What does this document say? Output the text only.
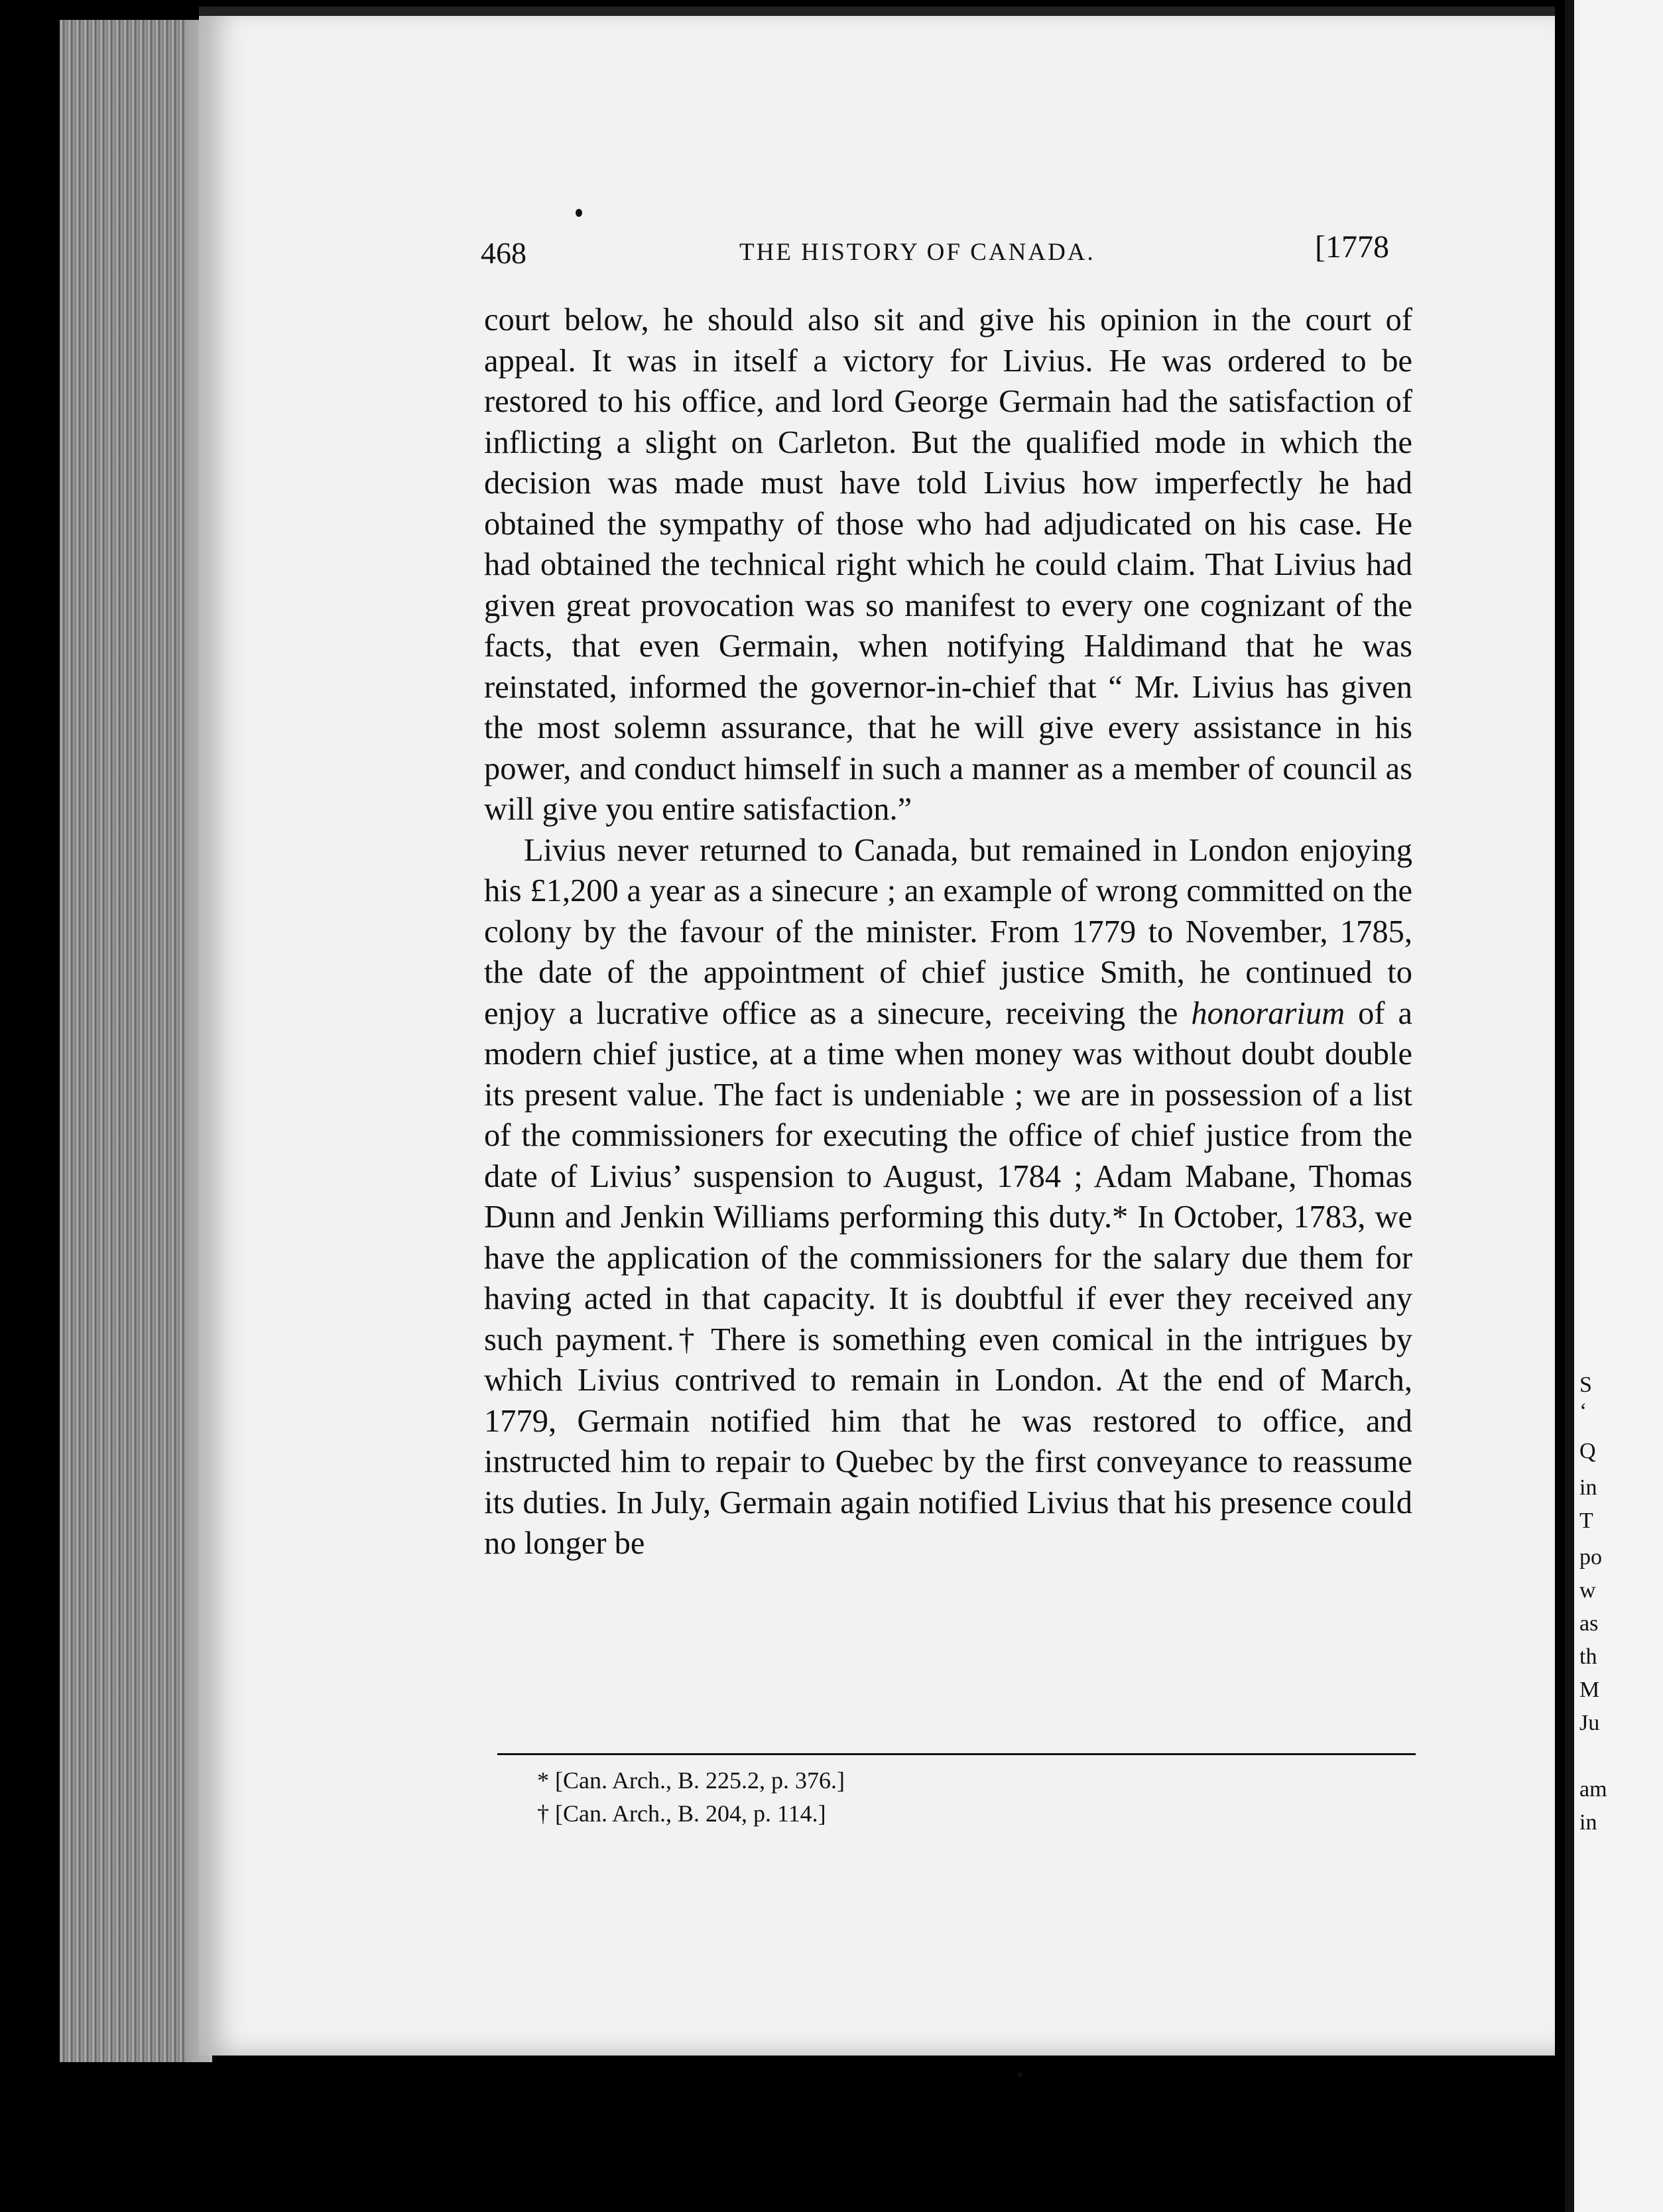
468	THE HISTORY OF CANADA.	[1778

court below, he should also sit and give his opinion in the court of appeal. It was in itself a victory for Livius. He was ordered to be restored to his office, and lord George Germain had the satisfaction of inflicting a slight on Carleton. But the qualified mode in which the decision was made must have told Livius how imperfectly he had obtained the sympathy of those who had adjudicated on his case. He had obtained the technical right which he could claim. That Livius had given great provocation was so manifest to every one cognizant of the facts, that even Germain, when notifying Haldimand that he was reinstated, informed the governor-in-chief that “ Mr. Livius has given the most solemn assurance, that he will give every assistance in his power, and conduct himself in such a manner as a member of council as will give you entire satisfaction.”

Livius never returned to Canada, but remained in London enjoying his £1,200 a year as a sinecure ; an example of wrong committed on the colony by the favour of the minister. From 1779 to November, 1785, the date of the appointment of chief justice Smith, he continued to enjoy a lucrative office as a sinecure, receiving the honorarium of a modern chief justice, at a time when money was without doubt double its present value. The fact is undeniable ; we are in possession of a list of the commissioners for executing the office of chief justice from the date of Livius’ suspension to August, 1784 ; Adam Mabane, Thomas Dunn and Jenkin Williams performing this duty.* In October, 1783, we have the application of the commissioners for the salary due them for having acted in that capacity. It is doubtful if ever they received any such payment.† There is something even comical in the intrigues by which Livius contrived to remain in London. At the end of March, 1779, Germain notified him that he was restored to office, and instructed him to repair to Quebec by the first conveyance to reassume its duties. In July, Germain again notified Livius that his presence could no longer be

* [Can. Arch., B. 225.2, p. 376.]
† [Can. Arch., B. 204, p. 114.]
S
‘
Q
in
T
po
w
as
th
M
Ju
am
in
